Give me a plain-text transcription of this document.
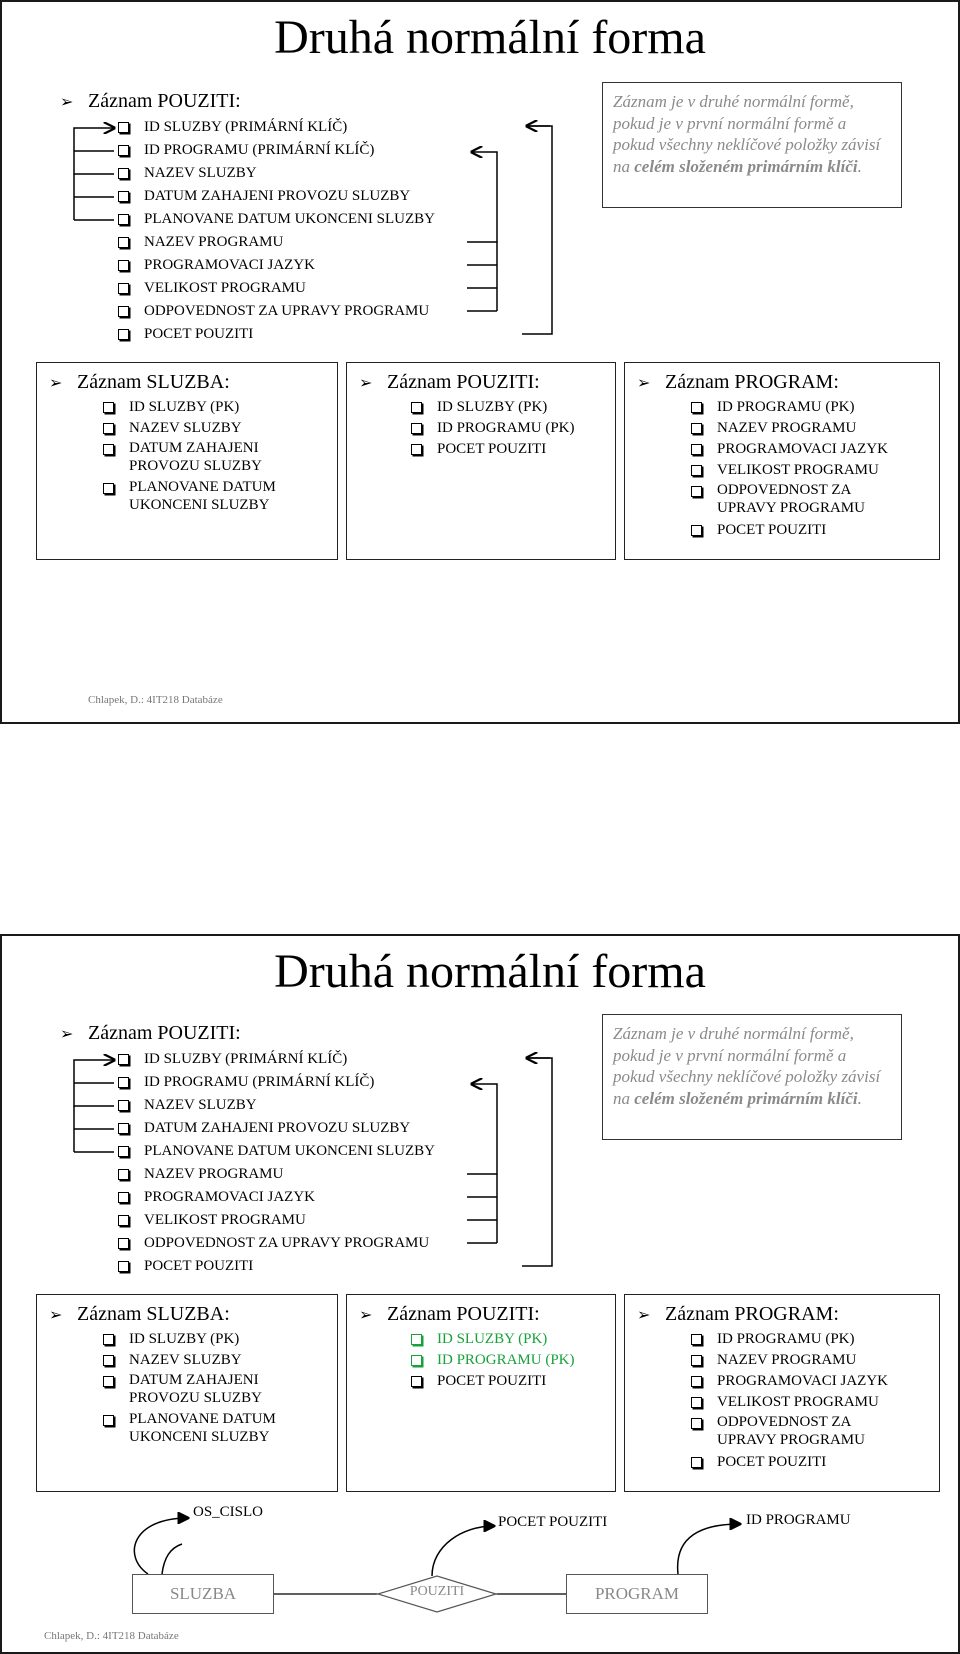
Druhá normální forma
➢ Záznam POUZITI:
ID SLUZBY (PRIMÁRNÍ KLÍČ)
ID PROGRAMU (PRIMÁRNÍ KLÍČ)
NAZEV SLUZBY
DATUM ZAHAJENI PROVOZU SLUZBY
PLANOVANE DATUM UKONCENI SLUZBY
NAZEV PROGRAMU
PROGRAMOVACI JAZYK
VELIKOST PROGRAMU
ODPOVEDNOST ZA UPRAVY PROGRAMU
POCET POUZITI
Záznam je v druhé normální formě, pokud je v první normální formě a pokud všechny neklíčové položky závisí na celém složeném primárním klíči.
➢ Záznam SLUZBA:
ID SLUZBY (PK)
NAZEV SLUZBY
DATUM ZAHAJENI PROVOZU SLUZBY
PLANOVANE DATUM UKONCENI SLUZBY
➢ Záznam POUZITI:
ID SLUZBY (PK)
ID PROGRAMU (PK)
POCET POUZITI
➢ Záznam PROGRAM:
ID PROGRAMU (PK)
NAZEV PROGRAMU
PROGRAMOVACI JAZYK
VELIKOST PROGRAMU
ODPOVEDNOST ZA UPRAVY PROGRAMU
POCET POUZITI
Chlapek, D.: 4IT218 Databáze
Druhá normální forma
➢ Záznam POUZITI:
ID SLUZBY (PRIMÁRNÍ KLÍČ)
ID PROGRAMU (PRIMÁRNÍ KLÍČ)
NAZEV SLUZBY
DATUM ZAHAJENI PROVOZU SLUZBY
PLANOVANE DATUM UKONCENI SLUZBY
NAZEV PROGRAMU
PROGRAMOVACI JAZYK
VELIKOST PROGRAMU
ODPOVEDNOST ZA UPRAVY PROGRAMU
POCET POUZITI
Záznam je v druhé normální formě, pokud je v první normální formě a pokud všechny neklíčové položky závisí na celém složeném primárním klíči.
➢ Záznam SLUZBA:
ID SLUZBY (PK)
NAZEV SLUZBY
DATUM ZAHAJENI PROVOZU SLUZBY
PLANOVANE DATUM UKONCENI SLUZBY
➢ Záznam POUZITI:
ID SLUZBY (PK)
ID PROGRAMU (PK)
POCET POUZITI
➢ Záznam PROGRAM:
ID PROGRAMU (PK)
NAZEV PROGRAMU
PROGRAMOVACI JAZYK
VELIKOST PROGRAMU
ODPOVEDNOST ZA UPRAVY PROGRAMU
POCET POUZITI
OS_CISLO
POCET POUZITI	ID PROGRAMU
SLUZBA	POUZITI	PROGRAM
Chlapek, D.: 4IT218 Databáze
